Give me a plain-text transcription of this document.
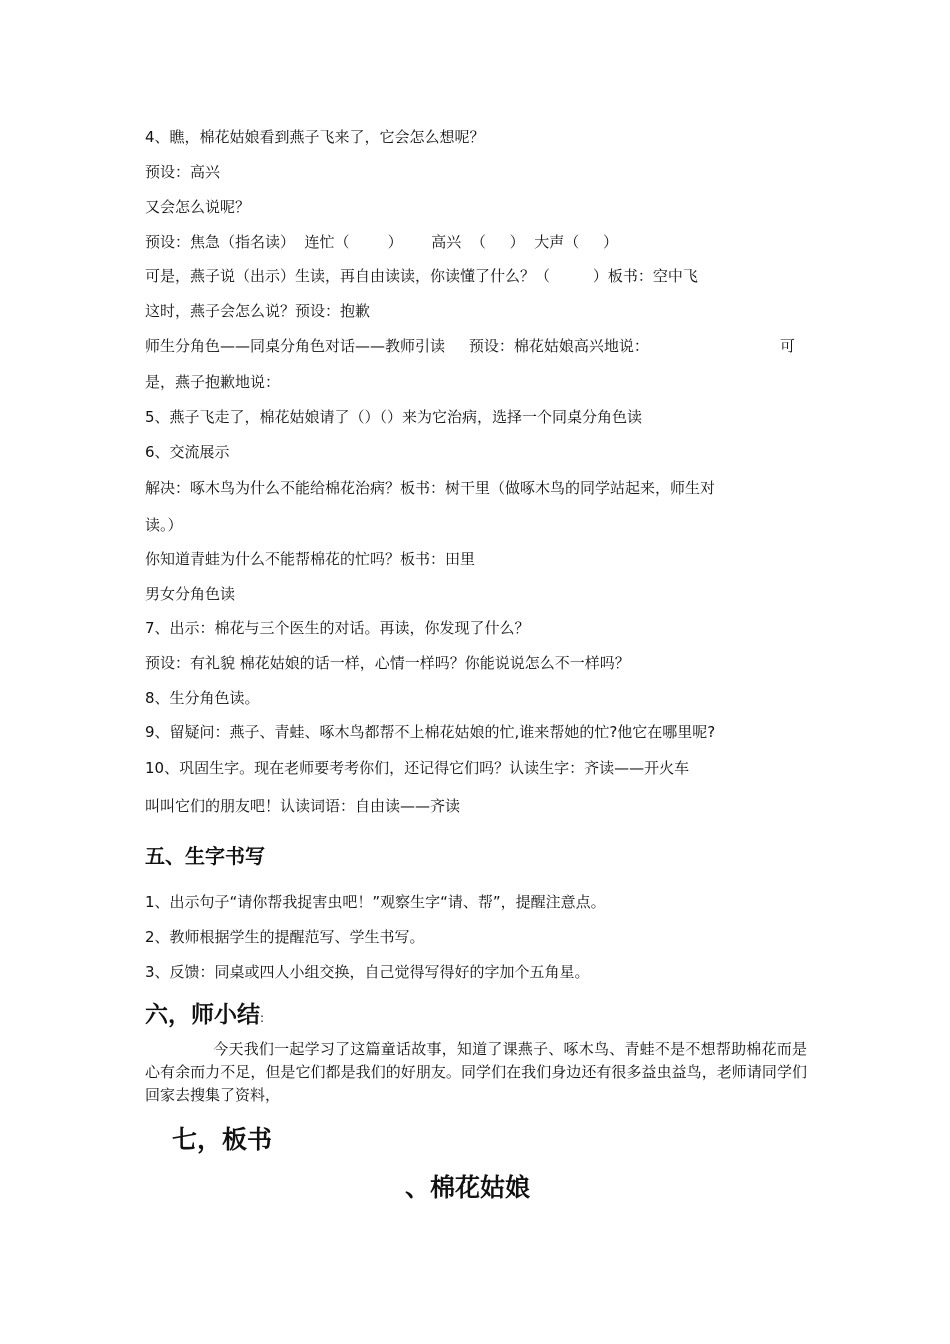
4、瞧，棉花姑娘看到燕子飞来了，它会怎么想呢？
预设：高兴
又会怎么说呢？
预设：焦急（指名读）  连忙（        ）      高兴  （     ）  大声（     ）
可是，燕子说（出示）生读，再自由读读，你读懂了什么？（         ）板书：空中飞
这时，燕子会怎么说？预设：抱歉
师生分角色——同桌分角色对话——教师引读     预设：棉花姑娘高兴地说：	可
是，燕子抱歉地说：
5、燕子飞走了，棉花姑娘请了（）（）来为它治病，选择一个同桌分角色读
6、交流展示
解决：啄木鸟为什么不能给棉花治病？板书：树干里（做啄木鸟的同学站起来，师生对
读。）
你知道青蛙为什么不能帮棉花的忙吗？板书：田里
男女分角色读
7、出示：棉花与三个医生的对话。再读，你发现了什么？
预设：有礼貌 棉花姑娘的话一样，心情一样吗？你能说说怎么不一样吗？
8、生分角色读。
9、留疑问：燕子、青蛙、啄木鸟都帮不上棉花姑娘的忙,谁来帮她的忙?他它在哪里呢?
10、巩固生字。现在老师要考考你们，还记得它们吗？认读生字：齐读——开火车
叫叫它们的朋友吧！认读词语：自由读——齐读
五、生字书写
1、出示句子“请你帮我捉害虫吧！”观察生字“请、帮”，提醒注意点。
2、教师根据学生的提醒范写、学生书写。
3、反馈：同桌或四人小组交换，自己觉得写得好的字加个五角星。
六，师小结:
今天我们一起学习了这篇童话故事，知道了课燕子、啄木鸟、青蛙不是不想帮助棉花而是心有余而力不足，但是它们都是我们的好朋友。同学们在我们身边还有很多益虫益鸟，老师请同学们回家去搜集了资料，
七，板书
、棉花姑娘
